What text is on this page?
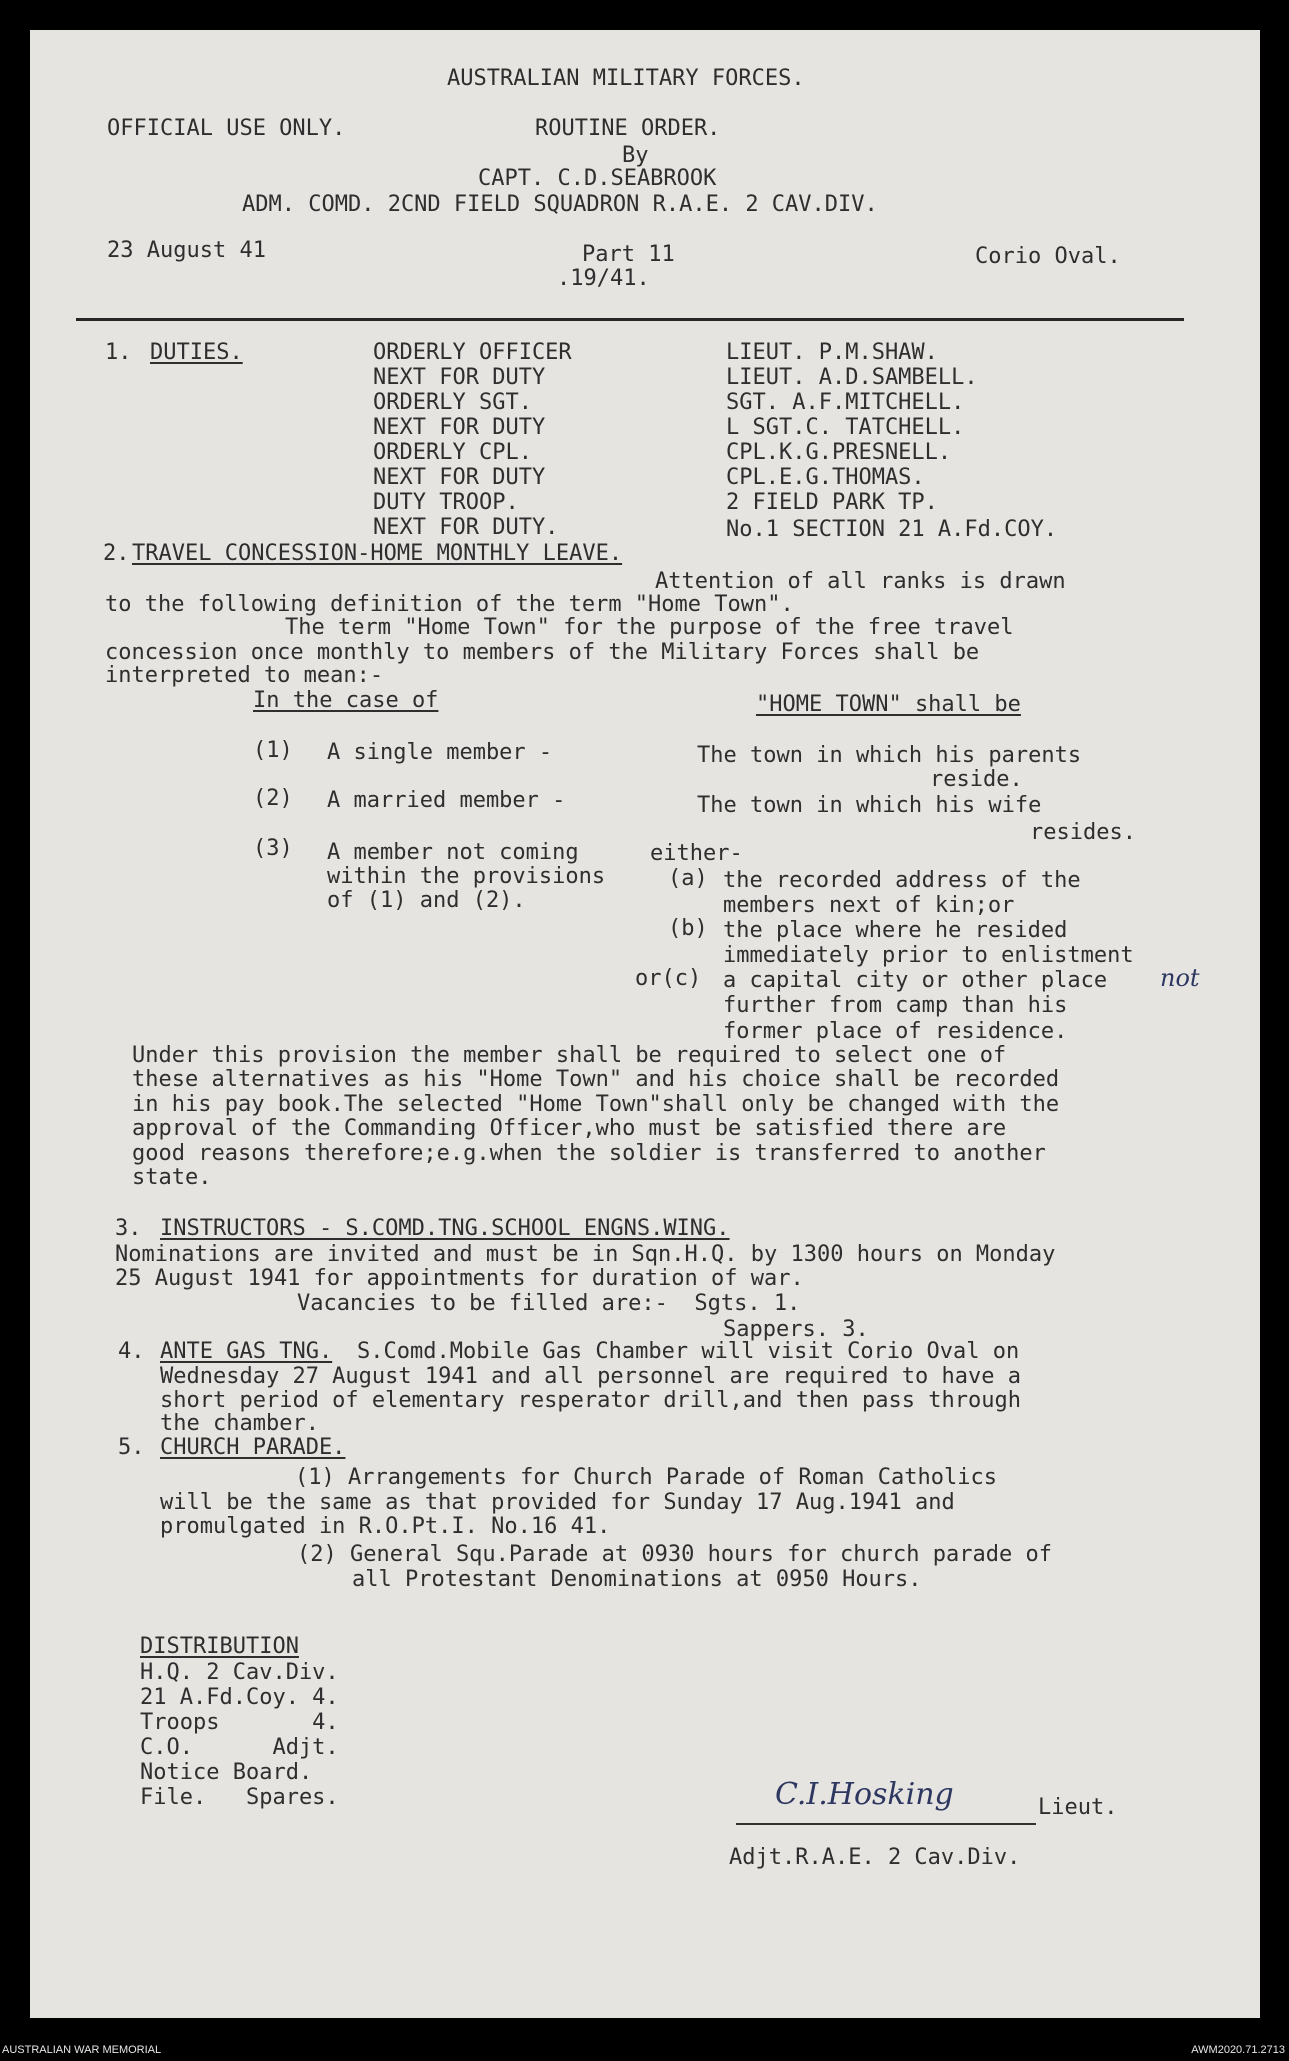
AUSTRALIAN MILITARY FORCES.
OFFICIAL USE ONLY.	ROUTINE ORDER.
By
CAPT. C.D.SEABROOK
ADM. COMD. 2CND FIELD SQUADRON R.A.E. 2 CAV.DIV.
23 August 41	Part 11
.19/41.
Corio Oval.
1. DUTIES.	ORDERLY OFFICER	LIEUT. P.M.SHAW.
NEXT FOR DUTY	LIEUT. A.D.SAMBELL.
ORDERLY SGT.	SGT. A.F.MITCHELL.
NEXT FOR DUTY	L SGT.C. TATCHELL.
ORDERLY CPL.	CPL.K.G.PRESNELL.
NEXT FOR DUTY	CPL.E.G.THOMAS.
DUTY TROOP.	2 FIELD PARK TP.
NEXT FOR DUTY.	No.1 SECTION 21 A.Fd.COY.
2. TRAVEL CONCESSION-HOME MONTHLY LEAVE.
Attention of all ranks is drawn
to the following definition of the term "Home Town".
The term "Home Town" for the purpose of the free travel
concession once monthly to members of the Military Forces shall be
interpreted to mean:-
In the case of	"HOME TOWN" shall be
(1) A single member -	The town in which his parents
reside.
(2) A married member -	The town in which his wife
resides.
(3) A member not coming
within the provisions
of (1) and (2).
either-
(a) the recorded address of the
members next of kin;or
(b) the place where he resided
immediately prior to enlistment
or(c) a capital city or other place
further from camp than his
former place of residence.
not
Under this provision the member shall be required to select one of
these alternatives as his "Home Town" and his choice shall be recorded
in his pay book.The selected "Home Town"shall only be changed with the
approval of the Commanding Officer,who must be satisfied there are
good reasons therefore;e.g.when the soldier is transferred to another
state.
3. INSTRUCTORS - S.COMD.TNG.SCHOOL ENGNS.WING.
Nominations are invited and must be in Sqn.H.Q. by 1300 hours on Monday
25 August 1941 for appointments for duration of war.
Vacancies to be filled are:-  Sgts. 1.
Sappers. 3.
4. ANTE GAS TNG. S.Comd.Mobile Gas Chamber will visit Corio Oval on
Wednesday 27 August 1941 and all personnel are required to have a
short period of elementary resperator drill,and then pass through
the chamber.
5. CHURCH PARADE.
(1) Arrangements for Church Parade of Roman Catholics
will be the same as that provided for Sunday 17 Aug.1941 and
promulgated in R.O.Pt.I. No.16 41.
(2) General Squ.Parade at 0930 hours for church parade of
all Protestant Denominations at 0950 Hours.
DISTRIBUTION
H.Q. 2 Cav.Div.
21 A.Fd.Coy. 4.
Troops       4.
C.O.      Adjt.
Notice Board.
File.   Spares.	C.I.Hosking	Lieut.
Adjt.R.A.E. 2 Cav.Div.
AUSTRALIAN WAR MEMORIAL	AWM2020.71.2713
